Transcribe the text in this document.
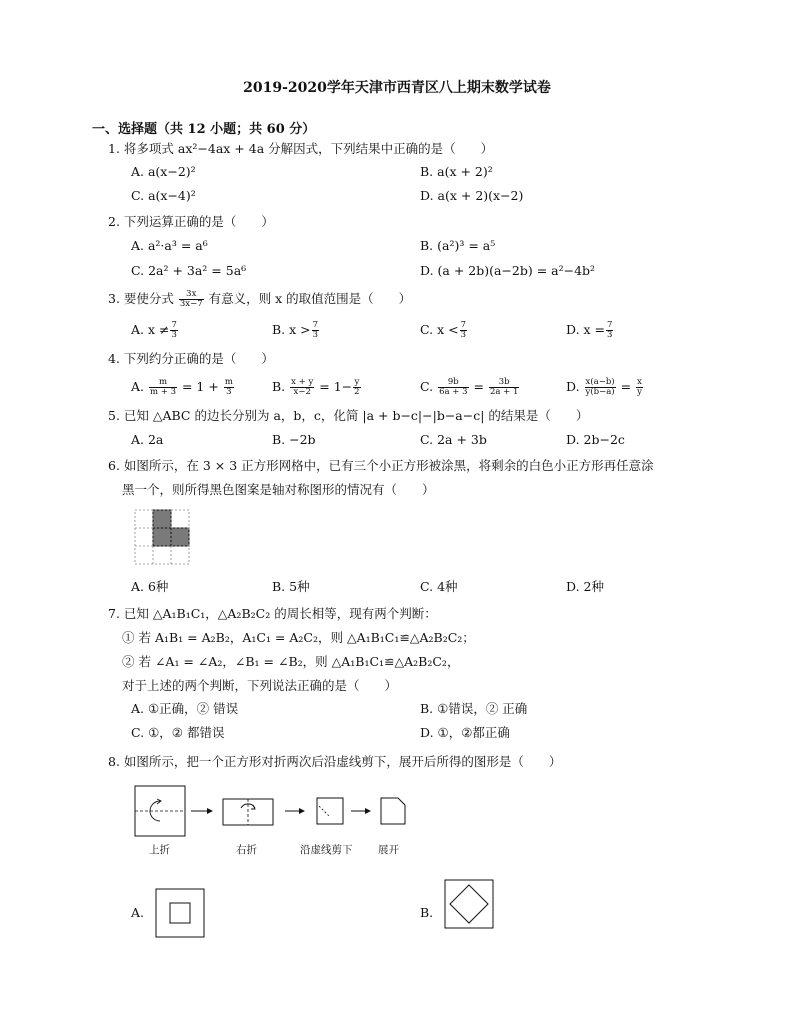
2019-2020学年天津市西青区八上期末数学试卷
一、选择题（共 12 小题；共 60 分）
1. 将多项式 ax²−4ax + 4a 分解因式，下列结果中正确的是（　　）
A. a(x−2)²	B. a(x + 2)²
C. a(x−4)²	D. a(x + 2)(x−2)
2. 下列运算正确的是（　　）
A. a²·a³ = a⁶	B. (a²)³ = a⁵
C. 2a² + 3a² = 5a⁶	D. (a + 2b)(a−2b) = a²−4b²
3. 要使分式 $\frac{3x}{3x-7}$ 有意义，则 x 的取值范围是（　　）
A. $x \ne \frac{7}{3}$	B. $x > \frac{7}{3}$	C. $x < \frac{7}{3}$	D. $x = \frac{7}{3}$
4. 下列约分正确的是（　　）
A. $\frac{m}{m + 3} = 1 + \frac{m}{3}$	B. $\frac{x + y}{x-2} = 1- \frac{y}{2}$	C. $\frac{9b}{6a + 3} = \frac{3b}{2a + 1}$	D. $\frac{x(a-b)}{y(b-a)} = \frac{x}{y}$
5. 已知 △ABC 的边长分别为 a，b，c，化简 |a + b−c|−|b−a−c| 的结果是（　　）
A. 2a	B. −2b	C. 2a + 3b	D. 2b−2c
6. 如图所示，在 3 × 3 正方形网格中，已有三个小正方形被涂黑，将剩余的白色小正方形再任意涂
黑一个，则所得黑色图案是轴对称图形的情况有（　　）
A. 6种	B. 5种	C. 4种	D. 2种
7. 已知 △A₁B₁C₁，△A₂B₂C₂ 的周长相等，现有两个判断：
① 若 A₁B₁ = A₂B₂，A₁C₁ = A₂C₂，则 △A₁B₁C₁≌△A₂B₂C₂；
② 若 ∠A₁ = ∠A₂，∠B₁ = ∠B₂，则 △A₁B₁C₁≌△A₂B₂C₂，
对于上述的两个判断，下列说法正确的是（　　）
A. ①正确，② 错误	B. ①错误，② 正确
C. ①，② 都错误	D. ①，②都正确
8. 如图所示，把一个正方形对折两次后沿虚线剪下，展开后所得的图形是（　　）
上折	右折	沿虚线剪下 展开
A.	B.
